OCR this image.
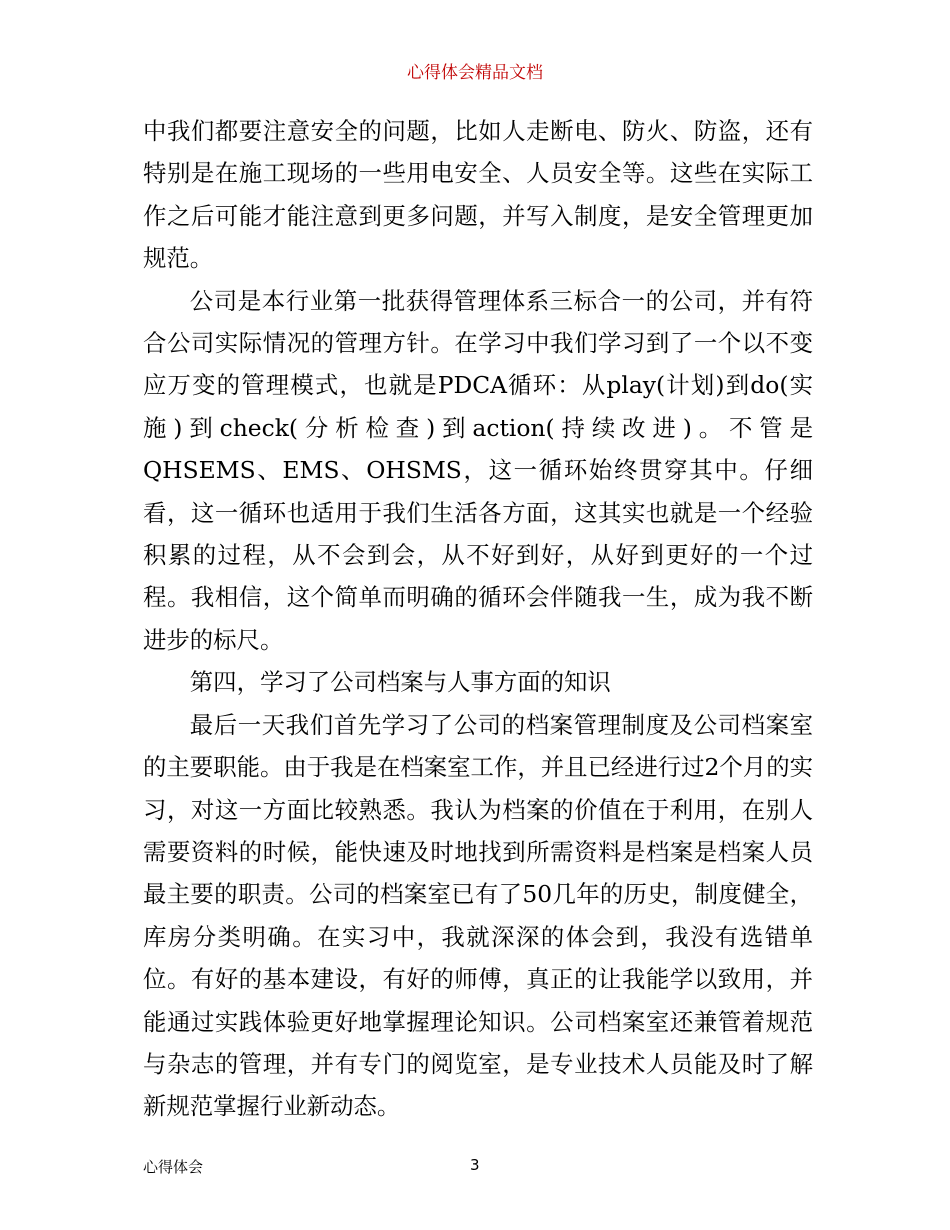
心得体会精品文档

中我们都要注意安全的问题，比如人走断电、防火、防盗，还有特别是在施工现场的一些用电安全、人员安全等。这些在实际工作之后可能才能注意到更多问题，并写入制度，是安全管理更加规范。

公司是本行业第一批获得管理体系三标合一的公司，并有符合公司实际情况的管理方针。在学习中我们学习到了一个以不变应万变的管理模式，也就是PDCA循环：从play(计划)到do(实施)到check(分析检查)到action(持续改进)。不管是QHSEMS、EMS、OHSMS，这一循环始终贯穿其中。仔细看，这一循环也适用于我们生活各方面，这其实也就是一个经验积累的过程，从不会到会，从不好到好，从好到更好的一个过程。我相信，这个简单而明确的循环会伴随我一生，成为我不断进步的标尺。

第四，学习了公司档案与人事方面的知识

最后一天我们首先学习了公司的档案管理制度及公司档案室的主要职能。由于我是在档案室工作，并且已经进行过2个月的实习，对这一方面比较熟悉。我认为档案的价值在于利用，在别人需要资料的时候，能快速及时地找到所需资料是档案是档案人员最主要的职责。公司的档案室已有了50几年的历史，制度健全，库房分类明确。在实习中，我就深深的体会到，我没有选错单位。有好的基本建设，有好的师傅，真正的让我能学以致用，并能通过实践体验更好地掌握理论知识。公司档案室还兼管着规范与杂志的管理，并有专门的阅览室，是专业技术人员能及时了解新规范掌握行业新动态。

心得体会	3
